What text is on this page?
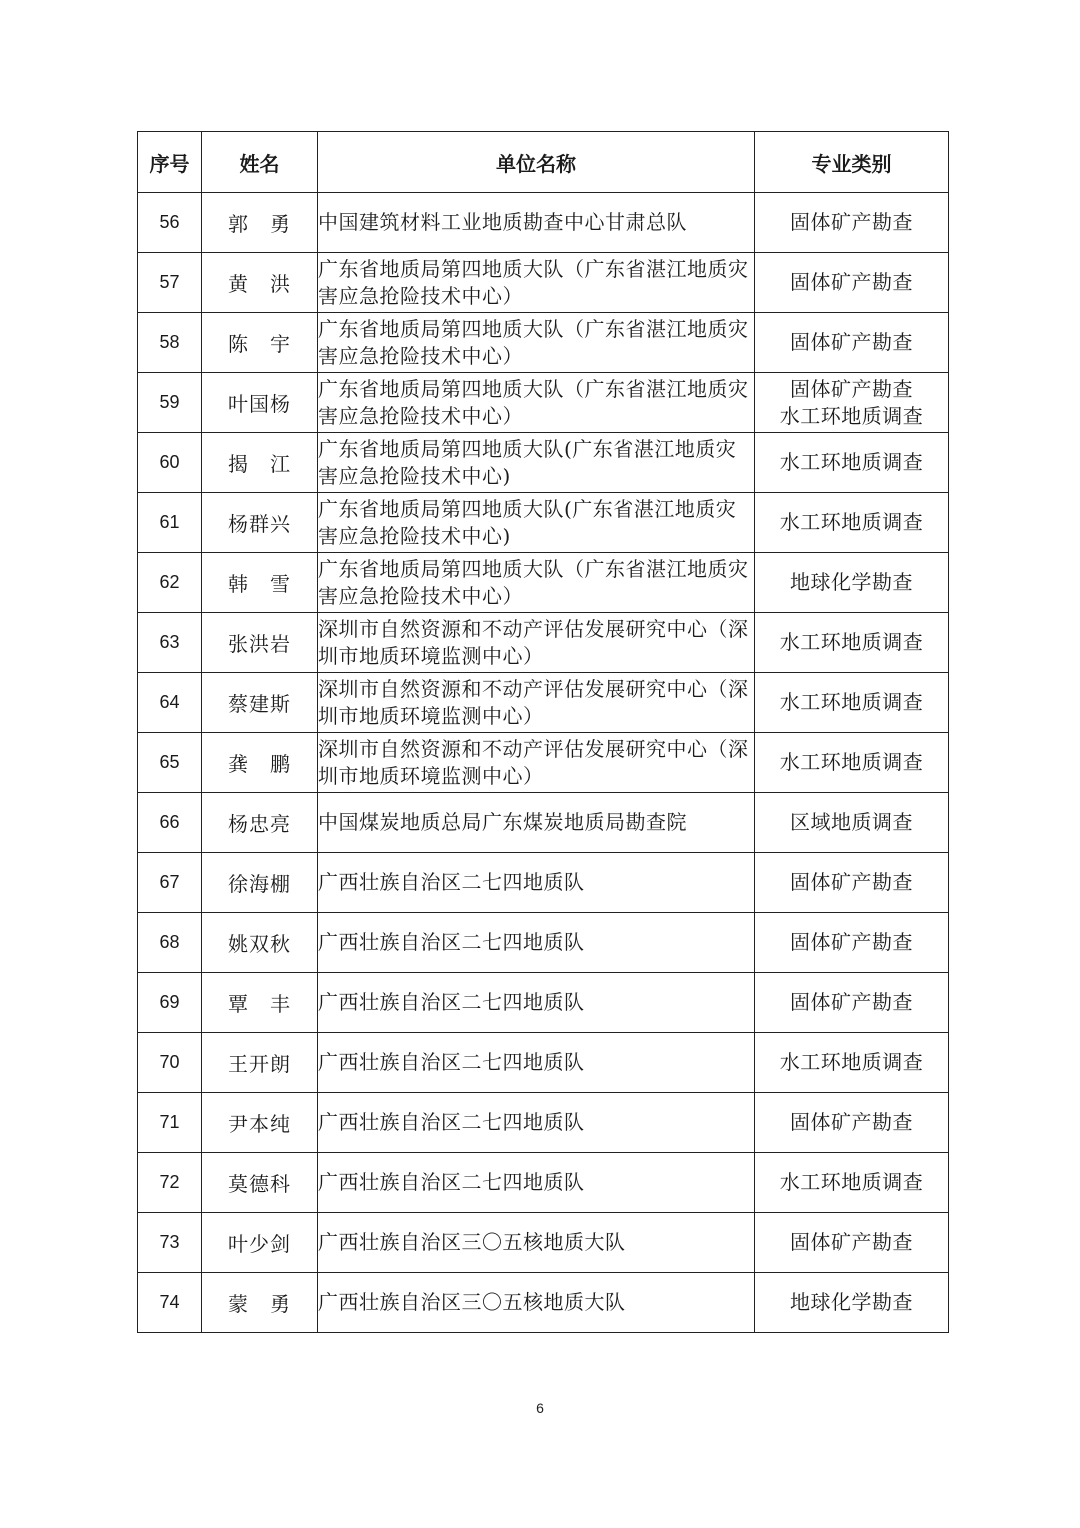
序号	姓名	单位名称	专业类别
56	郭　勇	中国建筑材料工业地质勘查中心甘肃总队	固体矿产勘查

57	黄　洪	广东省地质局第四地质大队（广东省湛江地质灾害应急抢险技术中心）	固体矿产勘查

58	陈　宇	广东省地质局第四地质大队（广东省湛江地质灾害应急抢险技术中心）	固体矿产勘查

59	叶国杨	广东省地质局第四地质大队（广东省湛江地质灾害应急抢险技术中心）	固体矿产勘查
水工环地质调查

60	揭　江	广东省地质局第四地质大队(广东省湛江地质灾害应急抢险技术中心)	水工环地质调查

61	杨群兴	广东省地质局第四地质大队(广东省湛江地质灾害应急抢险技术中心)	水工环地质调查

62	韩　雪	广东省地质局第四地质大队（广东省湛江地质灾害应急抢险技术中心）	地球化学勘查

63	张洪岩	深圳市自然资源和不动产评估发展研究中心（深圳市地质环境监测中心）	水工环地质调查

64	蔡建斯	深圳市自然资源和不动产评估发展研究中心（深圳市地质环境监测中心）	水工环地质调查

65	龚　鹏	深圳市自然资源和不动产评估发展研究中心（深圳市地质环境监测中心）	水工环地质调查

66	杨忠亮	中国煤炭地质总局广东煤炭地质局勘查院	区域地质调查

67	徐海棚	广西壮族自治区二七四地质队	固体矿产勘查

68	姚双秋	广西壮族自治区二七四地质队	固体矿产勘查

69	覃　丰	广西壮族自治区二七四地质队	固体矿产勘查

70	王开朗	广西壮族自治区二七四地质队	水工环地质调查

71	尹本纯	广西壮族自治区二七四地质队	固体矿产勘查

72	莫德科	广西壮族自治区二七四地质队	水工环地质调查

73	叶少剑	广西壮族自治区三〇五核地质大队	固体矿产勘查

74	蒙　勇	广西壮族自治区三〇五核地质大队	地球化学勘查
6
